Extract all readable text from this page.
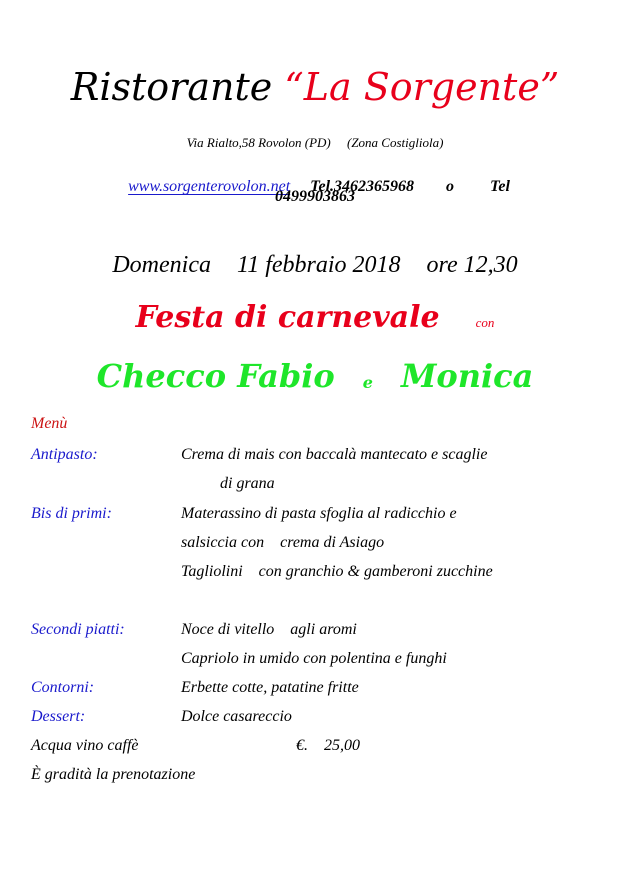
Ristorante “La Sorgente”
Via Rialto,58 Rovolon (PD)     (Zona Costigliola)

www.sorgenterovolon.net Tel.3462365968 o Tel

0499903863
Domenica 11 febbraio 2018 ore 12,30
Festa di carnevale	con
Checco Fabio e Monica
Menù
Antipasto:	Crema di mais con baccalà mantecato e scaglie
di grana
Bis di primi:	Materassino di pasta sfoglia al radicchio e
salsiccia con    crema di Asiago
Tagliolini    con granchio & gamberoni zucchine
Secondi piatti:	Noce di vitello    agli aromi
Capriolo in umido con polentina e funghi
Contorni:	Erbette cotte, patatine fritte
Dessert:	Dolce casareccio
Acqua vino caffè	€.    25,00
È gradità la prenotazione
